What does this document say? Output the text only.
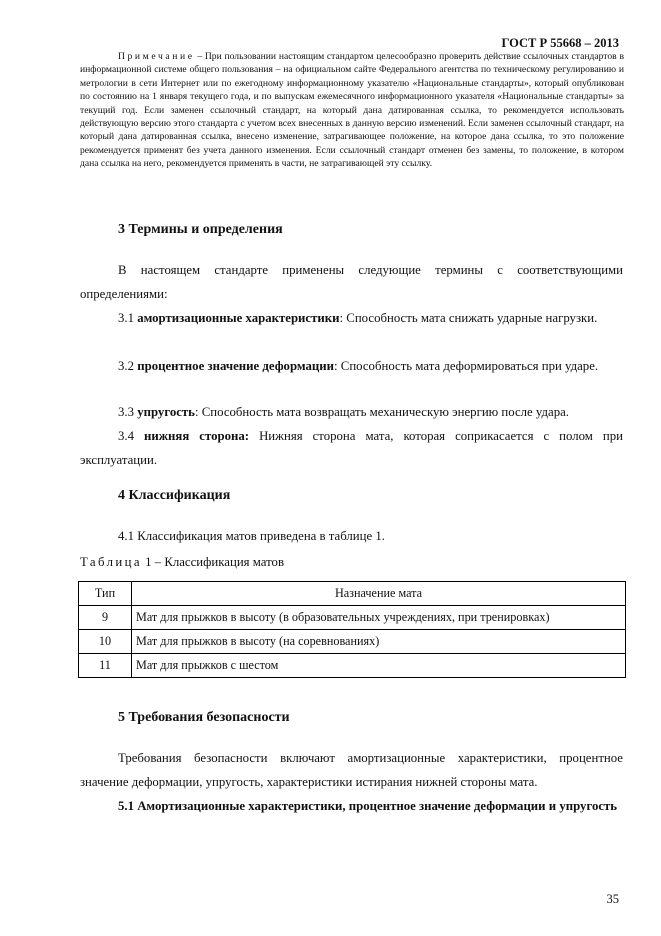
ГОСТ Р 55668 – 2013
Примечание – При пользовании настоящим стандартом целесообразно проверить действие ссылочных стандартов в информационной системе общего пользования – на официальном сайте Федерального агентства по техническому регулированию и метрологии в сети Интернет или по ежегодному информационному указателю «Национальные стандарты», который опубликован по состоянию на 1 января текущего года, и по выпускам ежемесячного информационного указателя «Национальные стандарты» за текущий год. Если заменен ссылочный стандарт, на который дана датированная ссылка, то рекомендуется использовать действующую версию этого стандарта с учетом всех внесенных в данную версию изменений. Если заменен ссылочный стандарт, на который дана датированная ссылка, внесено изменение, затрагивающее положение, на которое дана ссылка, то это положение рекомендуется применят без учета данного изменения. Если ссылочный стандарт отменен без замены, то положение, в котором дана ссылка на него, рекомендуется применять в части, не затрагивающей эту ссылку.
3 Термины и определения
В настоящем стандарте применены следующие термины с соответствующими определениями:
3.1 амортизационные характеристики: Способность мата снижать ударные нагрузки.
3.2 процентное значение деформации: Способность мата деформироваться при ударе.
3.3 упругость: Способность мата возвращать механическую энергию после удара.
3.4 нижняя сторона: Нижняя сторона мата, которая соприкасается с полом при эксплуатации.
4 Классификация
4.1 Классификация матов приведена в таблице 1.
Таблица 1 – Классификация матов
Тип	Назначение мата
9	Мат для прыжков в высоту (в образовательных учреждениях, при тренировках)
10	Мат для прыжков в высоту (на соревнованиях)
11	Мат для прыжков с шестом
5 Требования безопасности
Требования безопасности включают амортизационные характеристики, процентное значение деформации, упругость, характеристики истирания нижней стороны мата.
5.1 Амортизационные характеристики, процентное значение деформации и упругость
35
